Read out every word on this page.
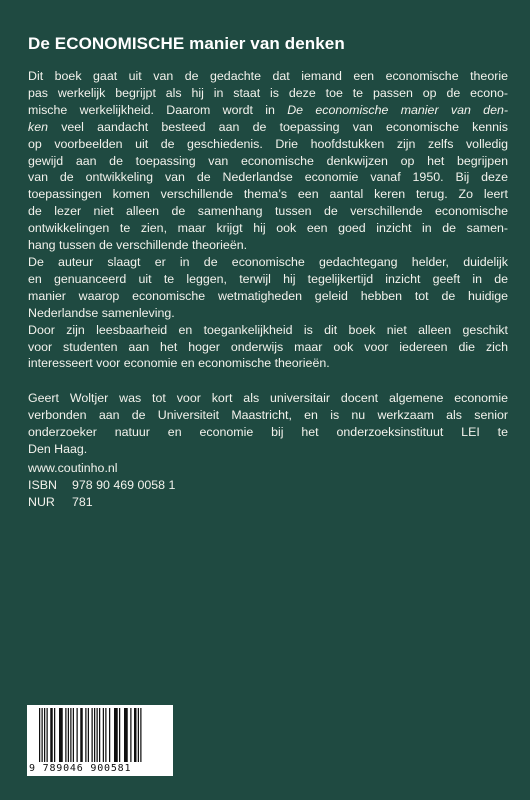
De ECONOMISCHE manier van denken
Dit boek gaat uit van de gedachte dat iemand een economische theorie
pas werkelijk begrijpt als hij in staat is deze toe te passen op de econo-
mische werkelijkheid. Daarom wordt in De economische manier van den-
ken veel aandacht besteed aan de toepassing van economische kennis
op voorbeelden uit de geschiedenis. Drie hoofdstukken zijn zelfs volledig
gewijd aan de toepassing van economische denkwijzen op het begrijpen
van de ontwikkeling van de Nederlandse economie vanaf 1950. Bij deze
toepassingen komen verschillende thema’s een aantal keren terug. Zo leert
de lezer niet alleen de samenhang tussen de verschillende economische
ontwikkelingen te zien, maar krijgt hij ook een goed inzicht in de samen-
hang tussen de verschillende theorieën.
De auteur slaagt er in de economische gedachtegang helder, duidelijk
en genuanceerd uit te leggen, terwijl hij tegelijkertijd inzicht geeft in de
manier waarop economische wetmatigheden geleid hebben tot de huidige
Nederlandse samenleving.
Door zijn leesbaarheid en toegankelijkheid is dit boek niet alleen geschikt
voor studenten aan het hoger onderwijs maar ook voor iedereen die zich
interesseert voor economie en economische theorieën.
Geert Woltjer was tot voor kort als universitair docent algemene economie
verbonden aan de Universiteit Maastricht, en is nu werkzaam als senior
onderzoeker natuur en economie bij het onderzoeksinstituut LEI te
Den Haag.
www.coutinho.nl
ISBN 978 90 469 0058 1
NUR 781
9 789046 900581
